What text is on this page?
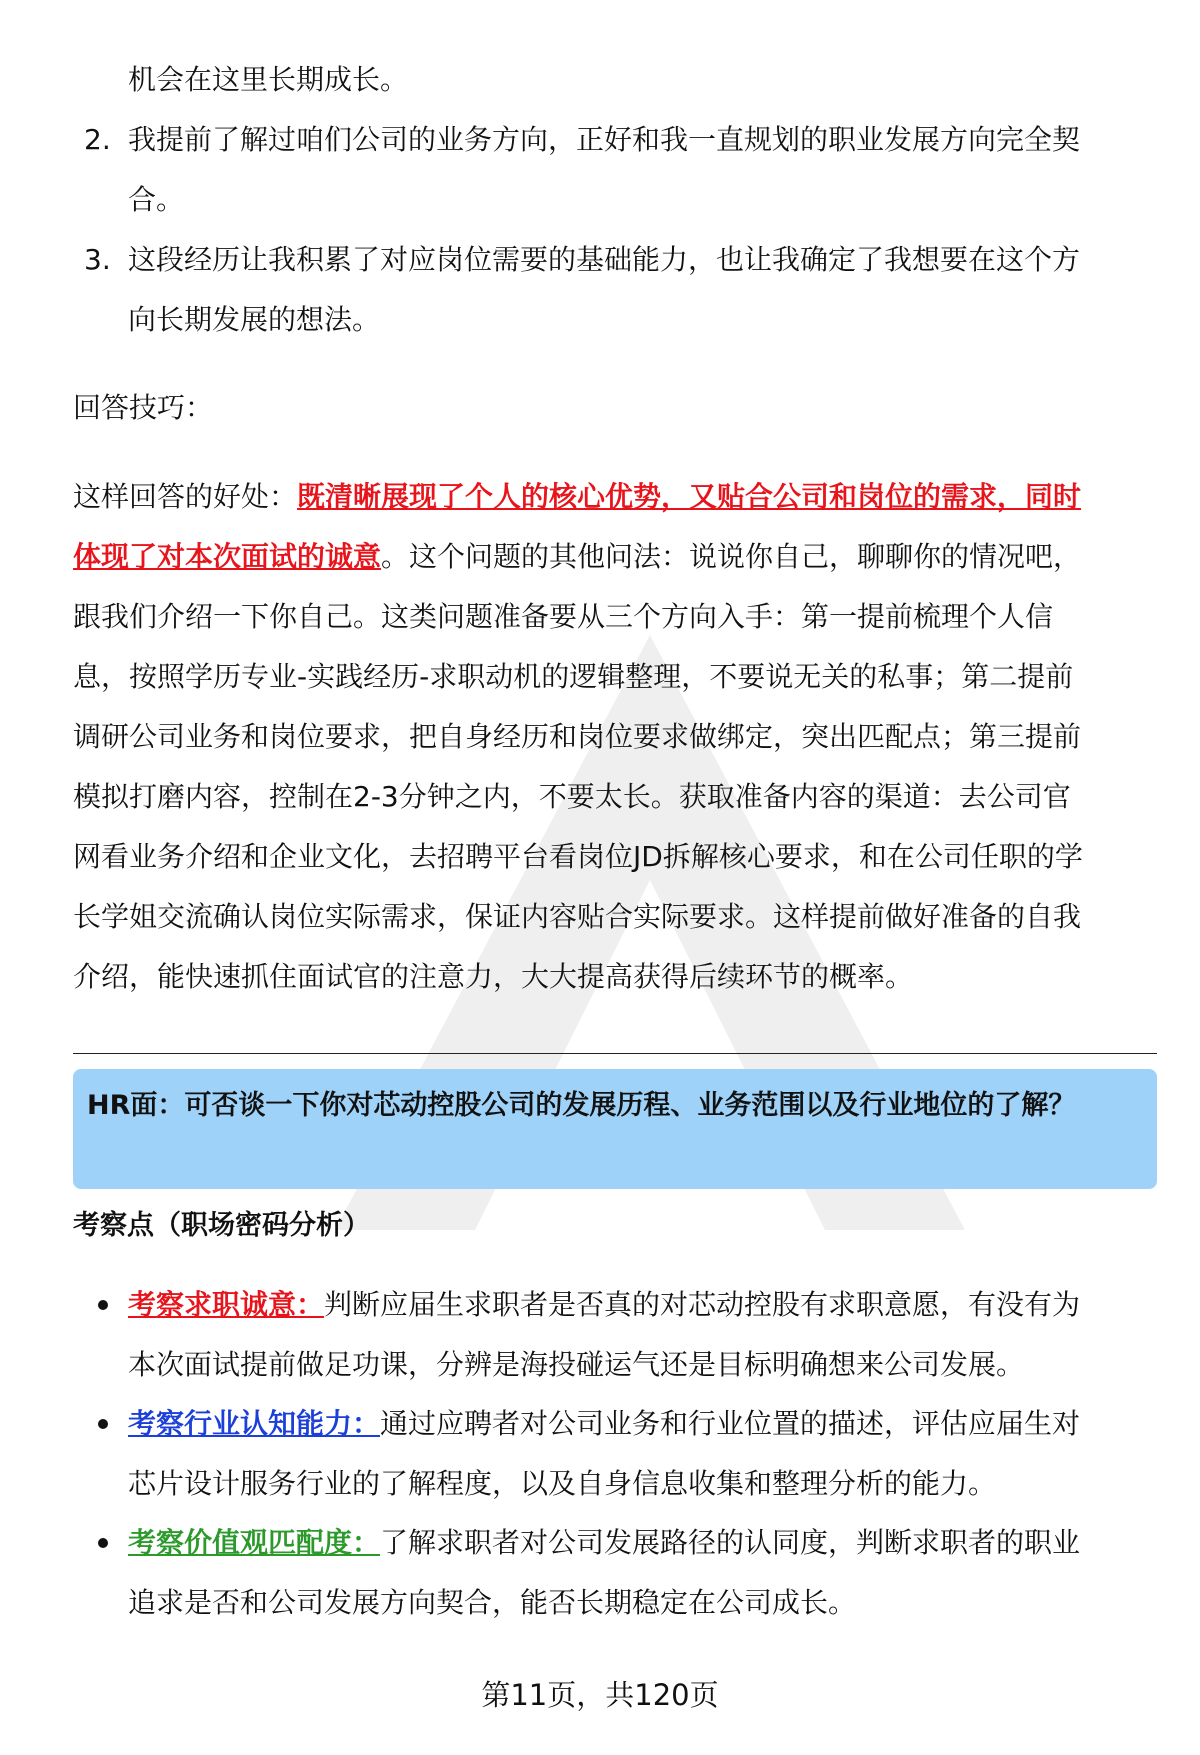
机会在这里长期成长。
2. 我提前了解过咱们公司的业务方向，正好和我一直规划的职业发展方向完全契
合。
3. 这段经历让我积累了对应岗位需要的基础能力，也让我确定了我想要在这个方
向长期发展的想法。
回答技巧：
这样回答的好处：既清晰展现了个人的核心优势，又贴合公司和岗位的需求，同时
体现了对本次面试的诚意。这个问题的其他问法：说说你自己，聊聊你的情况吧，
跟我们介绍一下你自己。这类问题准备要从三个方向入手：第一提前梳理个人信
息，按照学历专业-实践经历-求职动机的逻辑整理，不要说无关的私事；第二提前
调研公司业务和岗位要求，把自身经历和岗位要求做绑定，突出匹配点；第三提前
模拟打磨内容，控制在2-3分钟之内，不要太长。获取准备内容的渠道：去公司官
网看业务介绍和企业文化，去招聘平台看岗位JD拆解核心要求，和在公司任职的学
长学姐交流确认岗位实际需求，保证内容贴合实际要求。这样提前做好准备的自我
介绍，能快速抓住面试官的注意力，大大提高获得后续环节的概率。
HR面：可否谈一下你对芯动控股公司的发展历程、业务范围以及行业地位的了解？
考察点（职场密码分析）
考察求职诚意：判断应届生求职者是否真的对芯动控股有求职意愿，有没有为
本次面试提前做足功课，分辨是海投碰运气还是目标明确想来公司发展。
考察行业认知能力：通过应聘者对公司业务和行业位置的描述，评估应届生对
芯片设计服务行业的了解程度，以及自身信息收集和整理分析的能力。
考察价值观匹配度：了解求职者对公司发展路径的认同度，判断求职者的职业
追求是否和公司发展方向契合，能否长期稳定在公司成长。
第11页，共120页
